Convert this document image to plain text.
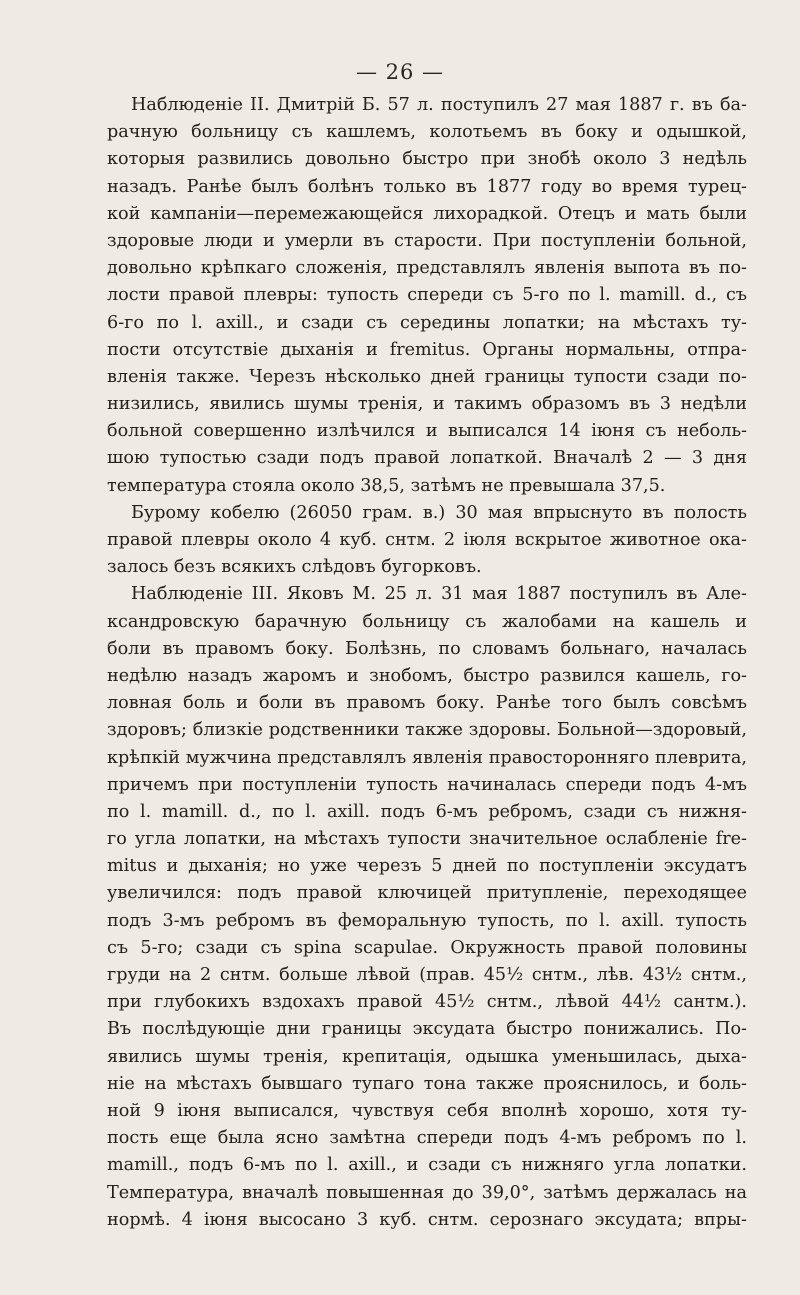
— 26 —
Наблюденіе II. Дмитрій Б. 57 л. поступилъ 27 мая 1887 г. въ ба-
рачную больницу съ кашлемъ, колотьемъ въ боку и одышкой,
которыя развились довольно быстро при знобѣ около 3 недѣль
назадъ. Ранѣе былъ болѣнъ только въ 1877 году во время турец-
кой кампаніи—перемежающейся лихорадкой. Отецъ и мать были
здоровые люди и умерли въ старости. При поступленіи больной,
довольно крѣпкаго сложенія, представлялъ явленія выпота въ по-
лости правой плевры: тупость спереди съ 5-го по l. mamill. d., съ
6-го по l. axill., и сзади съ середины лопатки; на мѣстахъ ту-
пости отсутствіе дыханія и fremitus. Органы нормальны, отпра-
вленія также. Черезъ нѣсколько дней границы тупости сзади по-
низились, явились шумы тренія, и такимъ образомъ въ 3 недѣли
больной совершенно излѣчился и выписался 14 іюня съ неболь-
шою тупостью сзади подъ правой лопаткой. Вначалѣ 2 — 3 дня
температура стояла около 38,5, затѣмъ не превышала 37,5.
Бурому кобелю (26050 грам. в.) 30 мая впрыснуто въ полость
правой плевры около 4 куб. снтм. 2 іюля вскрытое животное ока-
залось безъ всякихъ слѣдовъ бугорковъ.
Наблюденіе III. Яковъ М. 25 л. 31 мая 1887 поступилъ въ Але-
ксандровскую барачную больницу съ жалобами на кашель и
боли въ правомъ боку. Болѣзнь, по словамъ больнаго, началась
недѣлю назадъ жаромъ и знобомъ, быстро развился кашель, го-
ловная боль и боли въ правомъ боку. Ранѣе того былъ совсѣмъ
здоровъ; близкіе родственники также здоровы. Больной—здоровый,
крѣпкій мужчина представлялъ явленія правосторонняго плеврита,
причемъ при поступленіи тупость начиналась спереди подъ 4-мъ
по l. mamill. d., по l. axill. подъ 6-мъ ребромъ, сзади съ нижня-
го угла лопатки, на мѣстахъ тупости значительное ослабленіе fre-
mitus и дыханія; но уже черезъ 5 дней по поступленіи эксудатъ
увеличился: подъ правой ключицей притупленіе, переходящее
подъ 3-мъ ребромъ въ феморальную тупость, по l. axill. тупость
съ 5-го; сзади съ spina scapulae. Окружность правой половины
груди на 2 снтм. больше лѣвой (прав. 45½ снтм., лѣв. 43½ снтм.,
при глубокихъ вздохахъ правой 45½ снтм., лѣвой 44½ сантм.).
Въ послѣдующіе дни границы эксудата быстро понижались. По-
явились шумы тренія, крепитація, одышка уменьшилась, дыха-
ніе на мѣстахъ бывшаго тупаго тона также прояснилось, и боль-
ной 9 іюня выписался, чувствуя себя вполнѣ хорошо, хотя ту-
пость еще была ясно замѣтна спереди подъ 4-мъ ребромъ по l.
mamill., подъ 6-мъ по l. axill., и сзади съ нижняго угла лопатки.
Температура, вначалѣ повышенная до 39,0°, затѣмъ держалась на
нормѣ. 4 іюня высосано 3 куб. снтм. серознаго эксудата; впры-
